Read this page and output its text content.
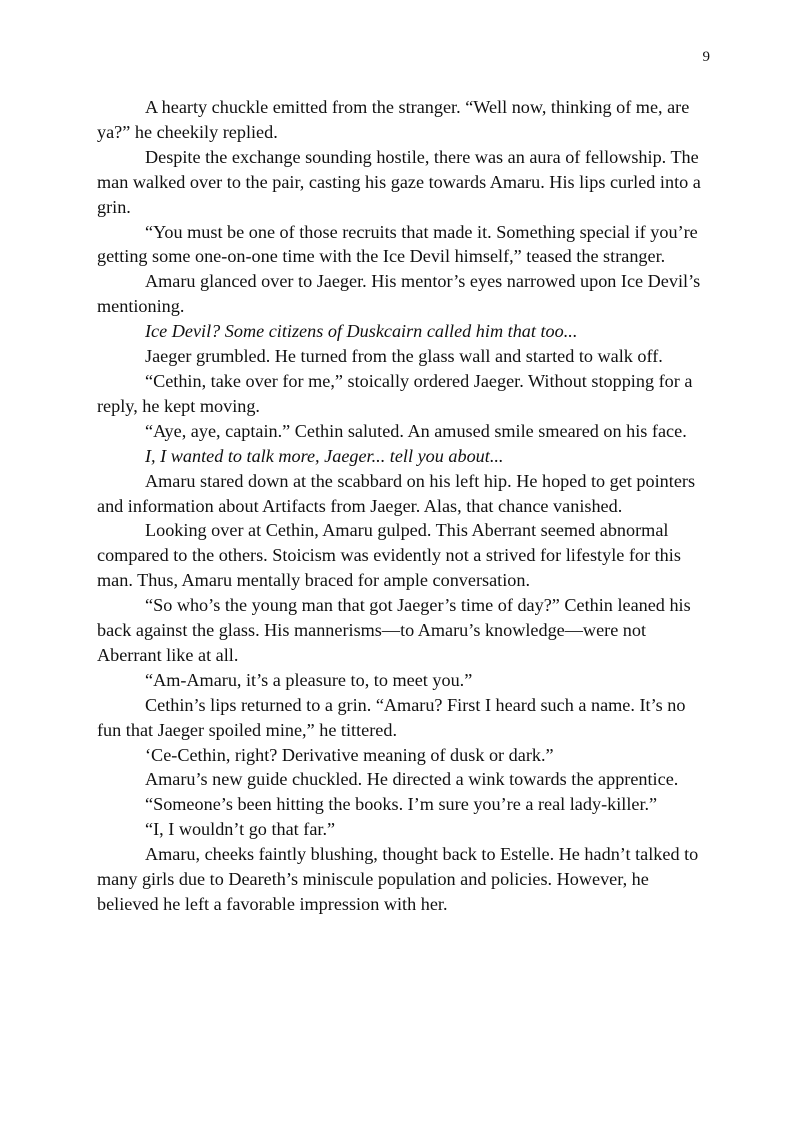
9

A hearty chuckle emitted from the stranger. “Well now, thinking of me, are ya?” he cheekily replied.

Despite the exchange sounding hostile, there was an aura of fellowship. The man walked over to the pair, casting his gaze towards Amaru. His lips curled into a grin.

“You must be one of those recruits that made it. Something special if you’re getting some one-on-one time with the Ice Devil himself,” teased the stranger.

Amaru glanced over to Jaeger. His mentor’s eyes narrowed upon Ice Devil’s mentioning.

Ice Devil? Some citizens of Duskcairn called him that too...

Jaeger grumbled. He turned from the glass wall and started to walk off.

“Cethin, take over for me,” stoically ordered Jaeger. Without stopping for a reply, he kept moving.

“Aye, aye, captain.” Cethin saluted. An amused smile smeared on his face.

I, I wanted to talk more, Jaeger... tell you about...

Amaru stared down at the scabbard on his left hip. He hoped to get pointers and information about Artifacts from Jaeger. Alas, that chance vanished.

Looking over at Cethin, Amaru gulped. This Aberrant seemed abnormal compared to the others. Stoicism was evidently not a strived for lifestyle for this man. Thus, Amaru mentally braced for ample conversation.

“So who’s the young man that got Jaeger’s time of day?” Cethin leaned his back against the glass. His mannerisms—to Amaru’s knowledge—were not Aberrant like at all.

“Am-Amaru, it’s a pleasure to, to meet you.”

Cethin’s lips returned to a grin. “Amaru? First I heard such a name. It’s no fun that Jaeger spoiled mine,” he tittered.

‘Ce-Cethin, right? Derivative meaning of dusk or dark.”

Amaru’s new guide chuckled. He directed a wink towards the apprentice.

“Someone’s been hitting the books. I’m sure you’re a real lady-killer.”

“I, I wouldn’t go that far.”

Amaru, cheeks faintly blushing, thought back to Estelle. He hadn’t talked to many girls due to Deareth’s miniscule population and policies. However, he believed he left a favorable impression with her.
